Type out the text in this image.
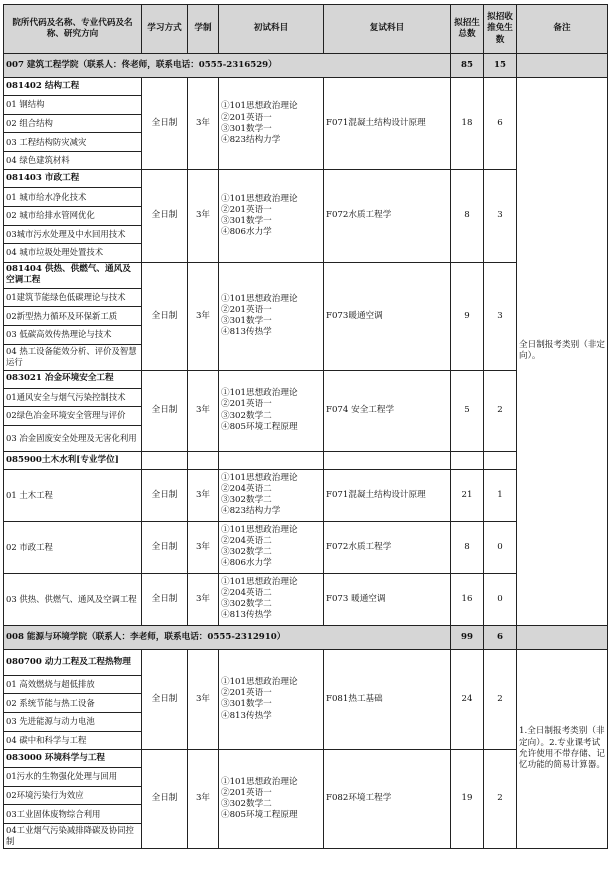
院所代码及名称、专业代码及名称、研究方向	学习方式	学制	初试科目	复试科目	拟招生总数	拟招收推免生数	备注
007 建筑工程学院（联系人：佟老师，联系电话：0555-2316529）					85	15	
081402 结构工程	全日制	3年	①101思想政治理论
②201英语一
③301数学一
④823结构力学	F071混凝土结构设计原理	18	6	全日制报考类别（非定向）。
01 钢结构							
02 组合结构							
03 工程结构防灾减灾							
04 绿色建筑材料							
081403 市政工程	全日制	3年	①101思想政治理论
②201英语一
③301数学一
④806水力学	F072水质工程学	8	3	
01 城市给水净化技术							
02 城市给排水管网优化							
03城市污水处理及中水回用技术							
04 城市垃圾处理处置技术							
081404 供热、供燃气、通风及空调工程	全日制	3年	①101思想政治理论
②201英语一
③301数学一
④813传热学	F073暖通空调	9	3	
01建筑节能绿色低碳理论与技术							
02新型热力循环及环保新工质							
03 低碳高效传热理论与技术							
04 热工设备能效分析、评价及智慧运行							
083021 冶金环境安全工程	全日制	3年	①101思想政治理论
②201英语一
③302数学二
④805环境工程原理	F074 安全工程学	5	2	
01通风安全与烟气污染控制技术							
02绿色冶金环境安全管理与评价							
03 冶金固废安全处理及无害化利用							
085900土木水利[专业学位]							
01 土木工程	全日制	3年	①101思想政治理论
②204英语二
③302数学二
④823结构力学	F071混凝土结构设计原理	21	1	
02 市政工程	全日制	3年	①101思想政治理论
②204英语二
③302数学二
④806水力学	F072水质工程学	8	0	
03 供热、供燃气、通风及空调工程	全日制	3年	①101思想政治理论
②204英语二
③302数学二
④813传热学	F073 暖通空调	16	0	
008 能源与环境学院（联系人：李老师，联系电话：0555-2312910）					99	6	
080700 动力工程及工程热物理	全日制	3年	①101思想政治理论
②201英语一
③301数学一
④813传热学	F081热工基础	24	2	1.全日制报考类别（非定向）。2.专业课考试允许使用不带存储、记忆功能的简易计算器。
01 高效燃烧与超低排放							
02 系统节能与热工设备							
03 先进能源与动力电池							
04 碳中和科学与工程							
083000 环境科学与工程	全日制	3年	①101思想政治理论
②201英语一
③302数学二
④805环境工程原理	F082环境工程学	19	2	
01污水的生物强化处理与回用							
02环境污染行为效应							
03工业固体废物综合利用							
04工业烟气污染减排降碳及协同控制							
